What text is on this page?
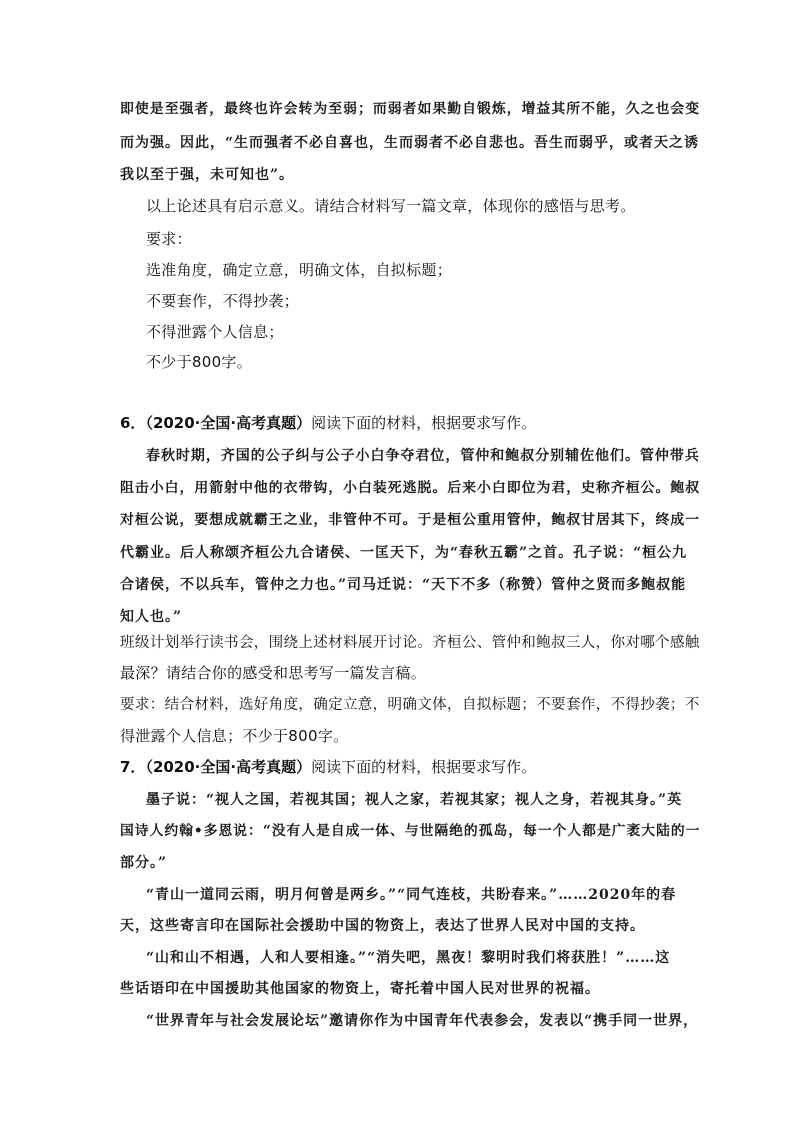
即使是至强者，最终也许会转为至弱；而弱者如果勤自锻炼，增益其所不能，久之也会变
而为强。因此，“生而强者不必自喜也，生而弱者不必自悲也。吾生而弱乎，或者天之诱
我以至于强，未可知也”。
以上论述具有启示意义。请结合材料写一篇文章，体现你的感悟与思考。
要求：
选准角度，确定立意，明确文体，自拟标题；
不要套作，不得抄袭；
不得泄露个人信息；
不少于800字。
6．（2020·全国·高考真题）阅读下面的材料，根据要求写作。
春秋时期，齐国的公子纠与公子小白争夺君位，管仲和鲍叔分别辅佐他们。管仲带兵
阻击小白，用箭射中他的衣带钩，小白装死逃脱。后来小白即位为君，史称齐桓公。鲍叔
对桓公说，要想成就霸王之业，非管仲不可。于是桓公重用管仲，鲍叔甘居其下，终成一
代霸业。后人称颂齐桓公九合诸侯、一匡天下，为“春秋五霸”之首。孔子说：“桓公九
合诸侯，不以兵车，管仲之力也。”司马迁说：“天下不多（称赞）管仲之贤而多鲍叔能
知人也。”
班级计划举行读书会，围绕上述材料展开讨论。齐桓公、管仲和鲍叔三人，你对哪个感触
最深？请结合你的感受和思考写一篇发言稿。
要求：结合材料，选好角度，确定立意，明确文体，自拟标题；不要套作，不得抄袭；不
得泄露个人信息；不少于800字。
7．（2020·全国·高考真题）阅读下面的材料，根据要求写作。
墨子说：“视人之国，若视其国；视人之家，若视其家；视人之身，若视其身。”英
国诗人约翰•多恩说：“没有人是自成一体、与世隔绝的孤岛，每一个人都是广袤大陆的一
部分。”
“青山一道同云雨，明月何曾是两乡。”“同气连枝，共盼春来。”……2020年的春
天，这些寄言印在国际社会援助中国的物资上，表达了世界人民对中国的支持。
“山和山不相遇，人和人要相逢。”“消失吧，黑夜！黎明时我们将获胜！”……这
些话语印在中国援助其他国家的物资上，寄托着中国人民对世界的祝福。
“世界青年与社会发展论坛”邀请你作为中国青年代表参会，发表以“携手同一世界，
